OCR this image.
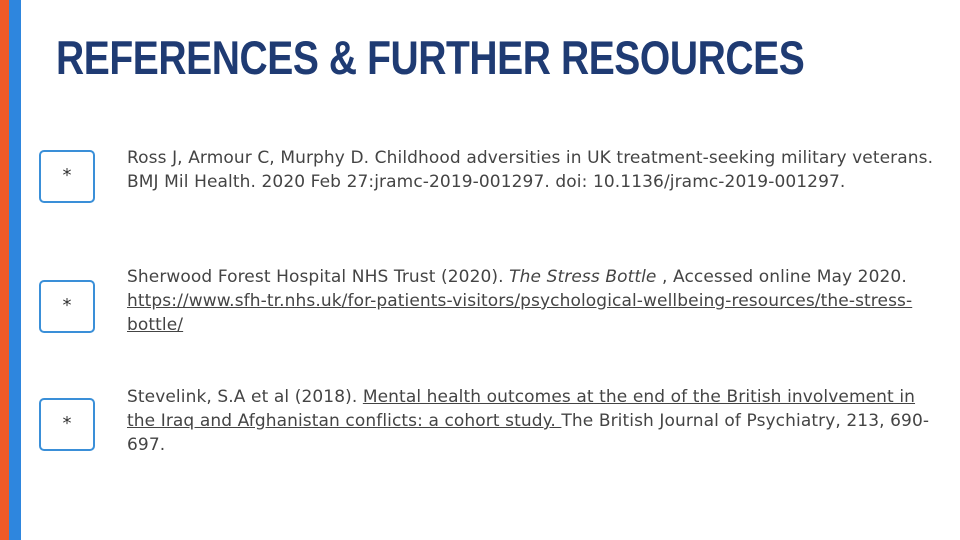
REFERENCES & FURTHER RESOURCES
*

Ross J, Armour C, Murphy D. Childhood adversities in UK treatment-seeking military veterans. BMJ Mil Health. 2020 Feb 27:jramc-2019-001297. doi: 10.1136/jramc-2019-001297.

*

Sherwood Forest Hospital NHS Trust (2020). The Stress Bottle , Accessed online May 2020. https://www.sfh-tr.nhs.uk/for-patients-visitors/psychological-wellbeing-resources/the-stress-bottle/

*

Stevelink, S.A et al (2018). Mental health outcomes at the end of the British involvement in the Iraq and Afghanistan conflicts: a cohort study. The British Journal of Psychiatry, 213, 690-697.
